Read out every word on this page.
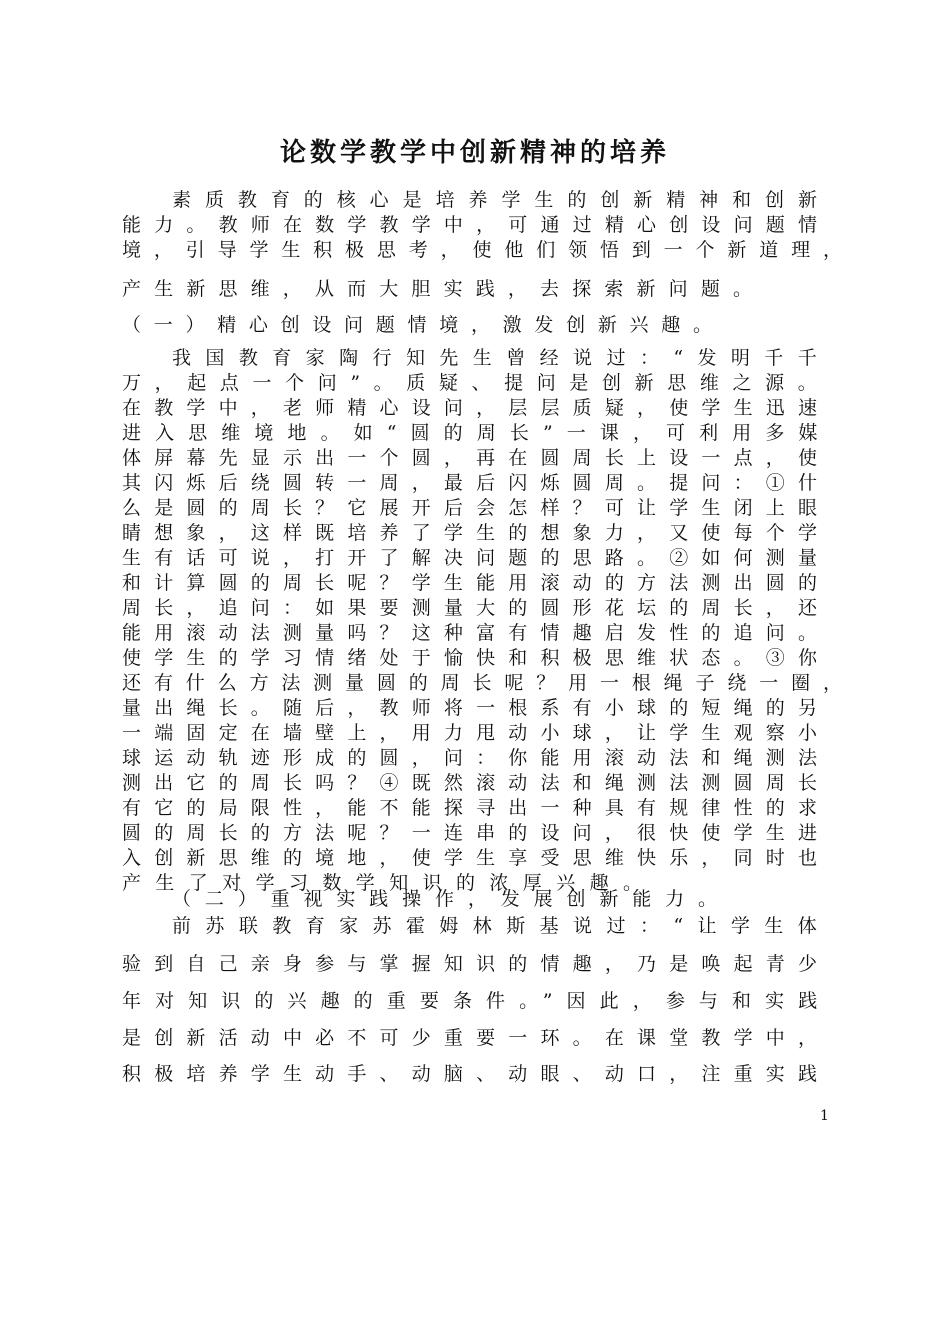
论数学教学中创新精神的培养
素质教育的核心是培养学生的创新精神和创新
能力。教师在数学教学中，可通过精心创设问题情
境，引导学生积极思考，使他们领悟到一个新道理，
产生新思维，从而大胆实践，去探索新问题。
（一）精心创设问题情境，激发创新兴趣。
我国教育家陶行知先生曾经说过：“发明千千
万，起点一个问”。质疑、提问是创新思维之源。
在教学中，老师精心设问，层层质疑，使学生迅速
进入思维境地。如“圆的周长”一课，可利用多媒
体屏幕先显示出一个圆，再在圆周长上设一点，使
其闪烁后绕圆转一周，最后闪烁圆周。提问：①什
么是圆的周长？它展开后会怎样？可让学生闭上眼
睛想象，这样既培养了学生的想象力，又使每个学
生有话可说，打开了解决问题的思路。②如何测量
和计算圆的周长呢？学生能用滚动的方法测出圆的
周长，追问：如果要测量大的圆形花坛的周长，还
能用滚动法测量吗？这种富有情趣启发性的追问。
使学生的学习情绪处于愉快和积极思维状态。③你
还有什么方法测量圆的周长呢？用一根绳子绕一圈，
量出绳长。随后，教师将一根系有小球的短绳的另
一端固定在墙壁上，用力甩动小球，让学生观察小
球运动轨迹形成的圆，问：你能用滚动法和绳测法
测出它的周长吗？④既然滚动法和绳测法测圆周长
有它的局限性，能不能探寻出一种具有规律性的求
圆的周长的方法呢？一连串的设问，很快使学生进
入创新思维的境地，使学生享受思维快乐，同时也
产生了对学习数学知识的浓厚兴趣。
（二）重视实践操作，发展创新能力。
前苏联教育家苏霍姆林斯基说过：“让学生体
验到自己亲身参与掌握知识的情趣，乃是唤起青少
年对知识的兴趣的重要条件。”因此，参与和实践
是创新活动中必不可少重要一环。在课堂教学中，
积极培养学生动手、动脑、动眼、动口，注重实践
1
